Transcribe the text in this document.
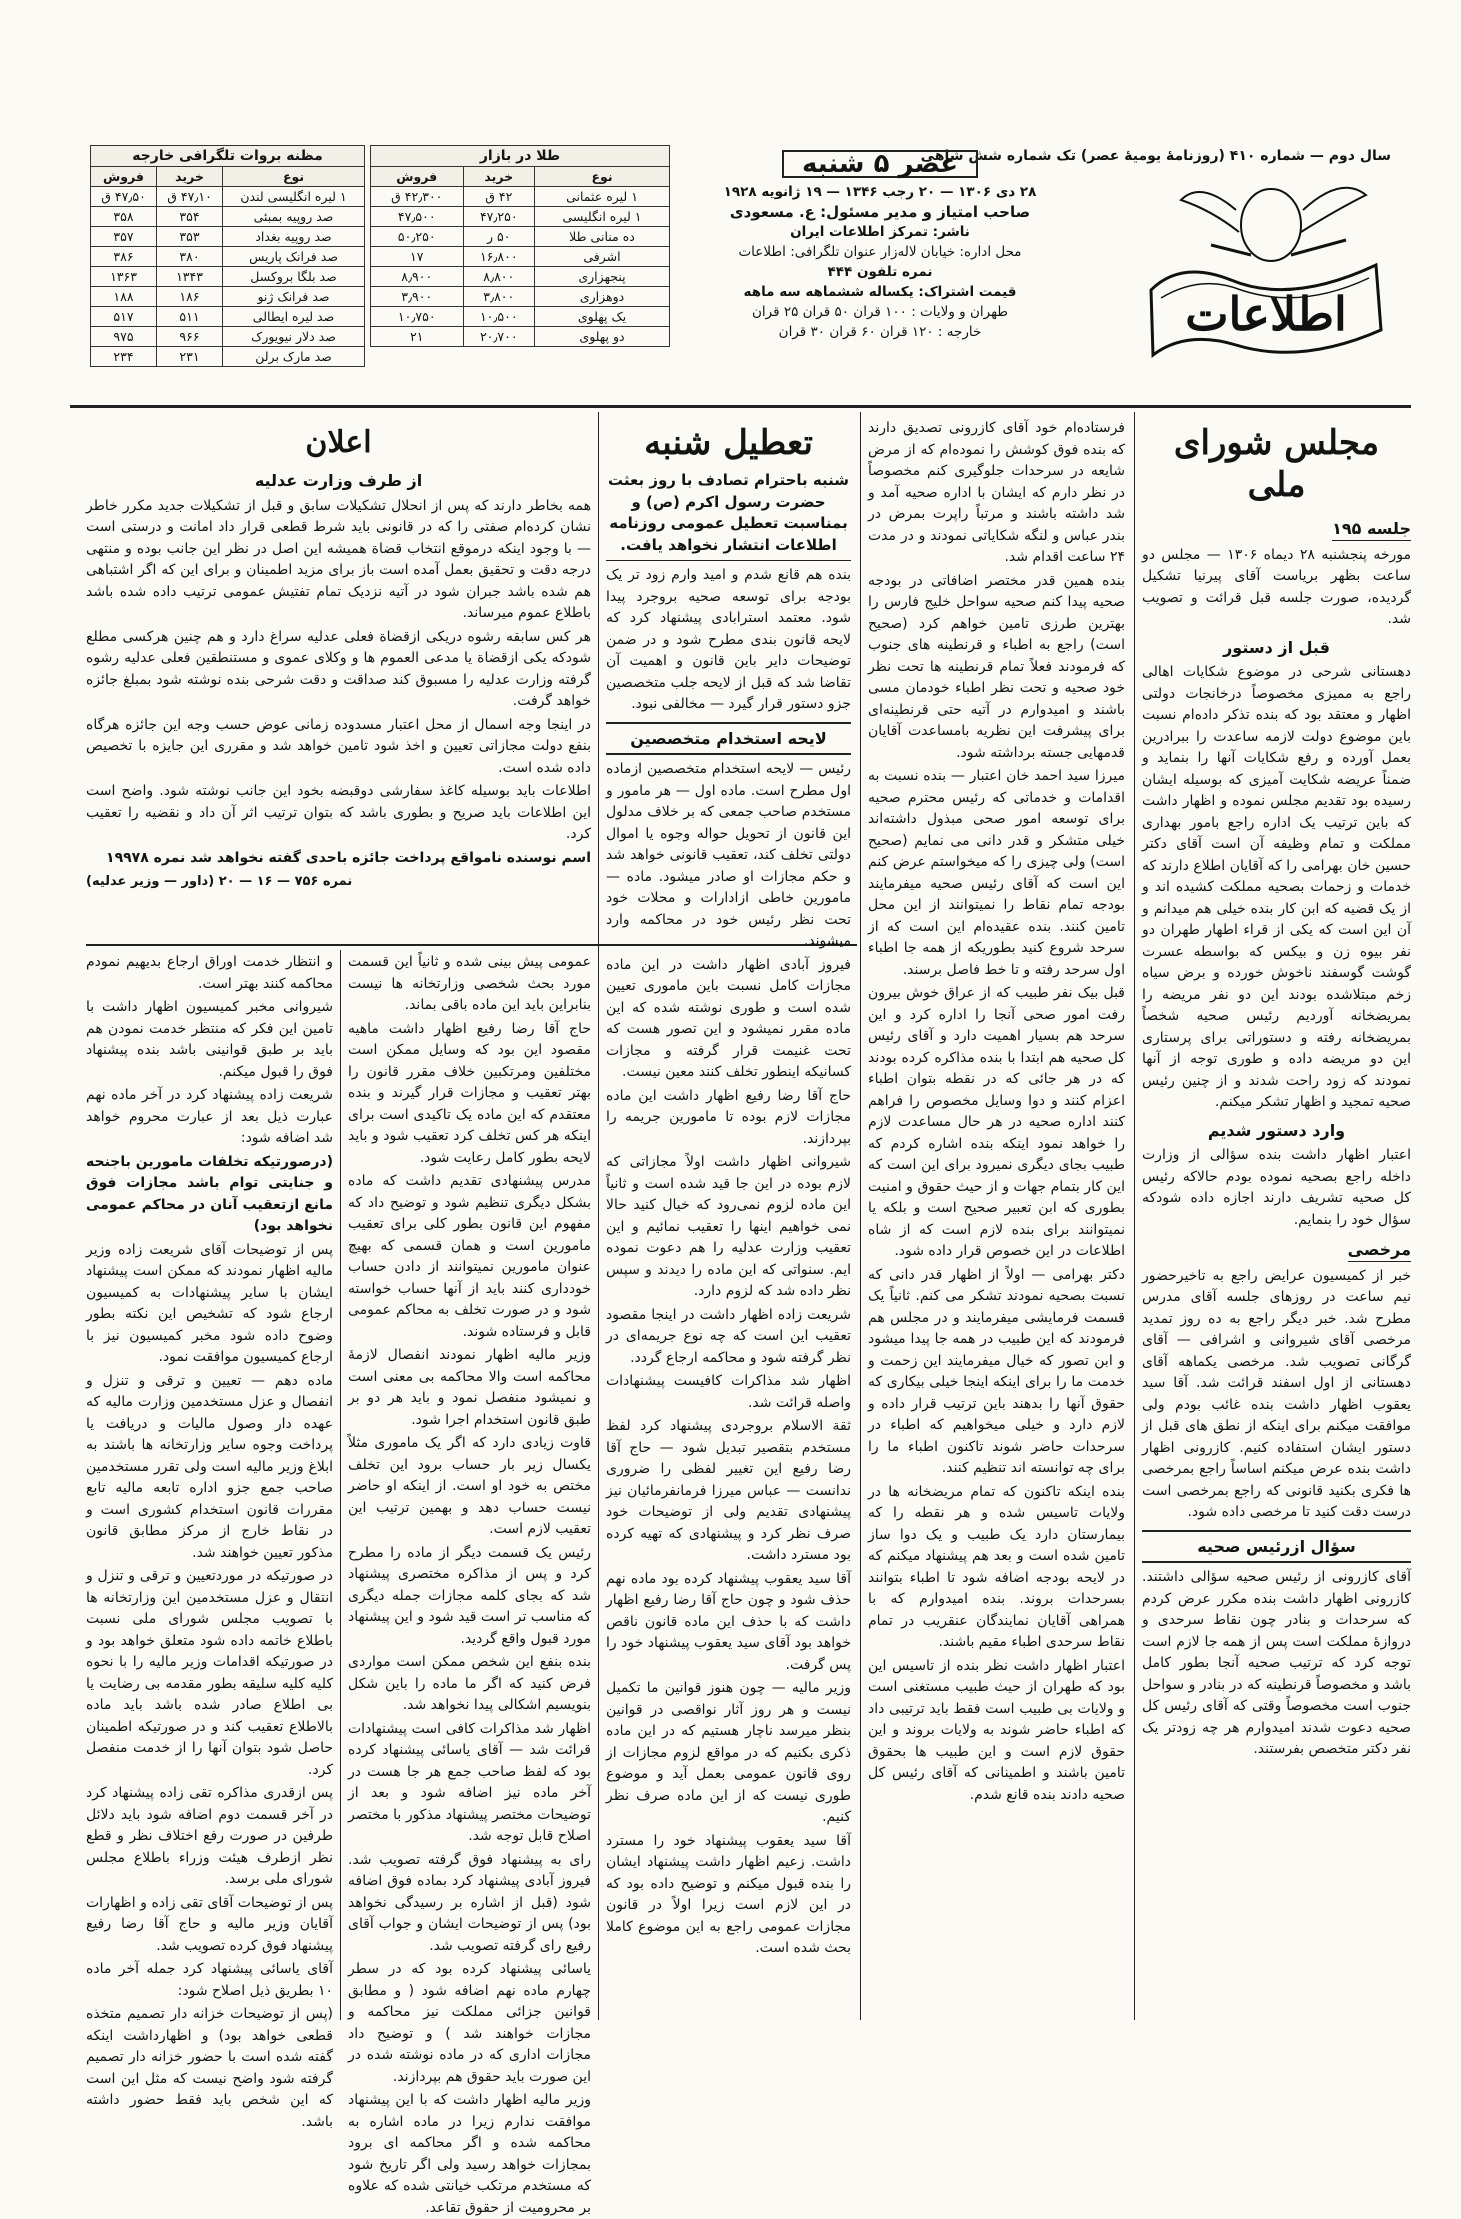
سال دوم — شماره ۴۱۰ (روزنامهٔ یومیهٔ عصر) تک شماره شش شاهی
اطلاعات
عصر ۵ شنبه
۲۸ دی ۱۳۰۶ — ۲۰ رجب ۱۳۴۶ — ۱۹ ژانویه ۱۹۲۸
صاحب امتیاز و مدیر مسئول: ع. مسعودی
ناشر: تمرکز اطلاعات ایران
محل اداره: خیابان لاله‌زار عنوان تلگرافی: اطلاعات
نمره تلفون ۴۴۴
قیمت اشتراک: یکساله ششماهه سه ماهه
طهران و ولایات : ۱۰۰ قران ۵۰ قران ۲۵ قران
خارجه : ۱۲۰ قران ۶۰ قران ۳۰ قران
طلا در بازار
نوع	خرید	فروش
۱ لیره عثمانی	۴۲ ق	۴۲٫۳۰۰ ق
۱ لیره انگلیسی	۴۷٫۲۵۰	۴۷٫۵۰۰
ده منانی طلا	۵۰ ر	۵۰٫۲۵۰
اشرفی	۱۶٫۸۰۰	۱۷
پنجهزاری	۸٫۸۰۰	۸٫۹۰۰
دوهزاری	۳٫۸۰۰	۳٫۹۰۰
یک پهلوی	۱۰٫۵۰۰	۱۰٫۷۵۰
دو پهلوی	۲۰٫۷۰۰	۲۱
مظنه بروات تلگرافی خارجه
نوع	خرید	فروش
۱ لیره انگلیسی لندن	۴۷٫۱۰ ق	۴۷٫۵۰ ق
صد روپیه بمبئی	۳۵۴	۳۵۸
صد روپیه بغداد	۳۵۳	۳۵۷
صد فرانک پاریس	۳۸۰	۳۸۶
صد بلگا بروکسل	۱۳۴۳	۱۳۶۳
صد فرانک ژنو	۱۸۶	۱۸۸
صد لیره ایطالی	۵۱۱	۵۱۷
صد دلار نیویورک	۹۶۶	۹۷۵
صد مارک برلن	۲۳۱	۲۳۴
مجلس شورای ملی
جلسه ۱۹۵

مورخه پنجشنبه ۲۸ دیماه ۱۳۰۶ — مجلس دو ساعت بظهر بریاست آقای پیرنیا تشکیل گردیده، صورت جلسه قبل قرائت و تصویب شد.

قبل از دستور

دهستانی شرحی در موضوع شکایات اهالی راجع به ممیزی مخصوصاً درخانجات دولتی اظهار و معتقد بود که بنده تذکر داده‌ام نسبت باین موضوع دولت لازمه ساعدت را ببرادرین بعمل آورده و رفع شکایات آنها را بنماید و ضمناً عریضه شکایت آمیزی که بوسیله ایشان رسیده بود تقدیم مجلس نموده و اظهار داشت که باین ترتیب یک اداره راجع بامور بهداری مملکت و تمام وظیفه آن است آقای دکتر حسین خان بهرامی را که آقایان اطلاع دارند که خدمات و زحمات بصحیه مملکت کشیده اند و از یک قضیه که ابن کار بنده خیلی هم میدانم و آن این است که یکی از قراء اطهار طهران دو نفر بیوه زن و بیکس که بواسطه عسرت گوشت گوسفند ناخوش خورده و برض سیاه زخم مبتلاشده بودند این دو نفر مریضه را بمریضخانه آوردیم رئیس صحیه شخصاً بمریضخانه رفته و دستوراتی برای پرستاری این دو مریضه داده و طوری توجه از آنها نمودند که زود راحت شدند و از چنین رئیس صحیه تمجید و اظهار تشکر میکنم.

وارد دستور شدیم

اعتبار اظهار داشت بنده سؤالی از وزارت داخله راجع بصحیه نموده بودم حالاکه رئیس کل صحیه تشریف دارند اجازه داده شودکه سؤال خود را بنمایم.

مرخصی

خبر از کمیسیون عرایض راجع به تاخیرحضور نیم ساعت در روزهای جلسه آقای مدرس مطرح شد. خبر دیگر راجع به ده روز تمدید مرخصی آقای شیروانی و اشرافی — آقای گرگانی تصویب شد. مرخصی یکماهه آقای دهستانی از اول اسفند قرائت شد. آقا سید یعقوب اظهار داشت بنده غائب بودم ولی موافقت میکنم برای اینکه از نطق های قبل از دستور ایشان استفاده کنیم. کازرونی اظهار داشت بنده عرض میکنم اساساً راجع بمرخصی ها فکری بکنید قانونی که راجع بمرخصی است درست دقت کنید تا مرخصی داده شود.

سؤال ازرئیس صحیه

آقای کازرونی از رئیس صحیه سؤالی داشتند. کازرونی اظهار داشت بنده مکرر عرض کردم که سرحدات و بنادر چون نقاط سرحدی و دروازهٔ مملکت است پس از همه جا لازم است توجه کرد که ترتیب صحیه آنجا بطور کامل باشد و مخصوصاً قرنطینه که در بنادر و سواحل جنوب است مخصوصاً وقتی که آقای رئیس کل صحیه دعوت شدند امیدوارم هر چه زودتر یک نفر دکتر متخصص بفرستند.

فرستاده‌ام خود آقای کازرونی تصدیق دارند که بنده فوق کوشش را نموده‌ام که از مرض شایعه در سرحدات جلوگیری کنم مخصوصاً در نظر دارم که ایشان با اداره صحیه آمد و شد داشته باشند و مرتباً راپرت بمرض در بندر عباس و لنگه شکایاتی نمودند و در مدت ۲۴ ساعت اقدام شد.

بنده همین قدر مختصر اضافاتی در بودجه صحیه پیدا کنم صحیه سواحل خلیج فارس را بهترین طرزی تامین خواهم کرد (صحیح است) راجع به اطباء و قرنطینه های جنوب که فرمودند فعلاً تمام قرنطینه ها تحت نظر خود صحیه و تحت نظر اطباء خودمان مسی باشند و امیدوارم در آتیه حتی قرنطینه‌ای برای پیشرفت این نظریه بامساعدت آقایان قدمهایی جسته برداشته شود.

میرزا سید احمد خان اعتبار — بنده نسبت به اقدامات و خدماتی که رئیس محترم صحیه برای توسعه امور صحی مبذول داشته‌اند خیلی متشکر و قدر دانی می نمایم (صحیح است) ولی چیزی را که میخواستم عرض کنم این است که آقای رئیس صحیه میفرمایند بودجه تمام نقاط را نمیتوانند از این محل تامین کنند. بنده عقیده‌ام این است که از سرحد شروع کنید بطوریکه از همه جا اطباء اول سرحد رفته و تا خط فاصل برسند.

قبل بیک نفر طبیب که از عراق خوش بیرون رفت امور صحی آنجا را اداره کرد و این سرحد هم بسیار اهمیت دارد و آقای رئیس کل صحیه هم ابتدا با بنده مذاکره کرده بودند که در هر جائی که در نقطه بتوان اطباء اعزام کنند و دوا وسایل مخصوص را فراهم کنند اداره صحیه در هر حال مساعدت لازم را خواهد نمود اینکه بنده اشاره کردم که طبیب بجای دیگری نمیرود برای این است که این کار بتمام جهات و از حیث حقوق و امنیت بطوری که ابن تعبیر صحیح است و بلکه یا نمیتوانند برای بنده لازم است که از شاه اطلاعات در این خصوص قرار داده شود.

دکتر بهرامی — اولاً از اظهار قدر دانی که نسبت بصحیه نمودند تشکر می کنم. ثانیاً یک قسمت فرمایشی میفرمایند و در مجلس هم فرمودند که این طبیب در همه جا پیدا میشود و ابن تصور که خیال میفرمایند این زحمت و خدمت ما را برای اینکه اینجا خیلی بیکاری که حقوق آنها را بدهند باین ترتیب قرار داده و لازم دارد و خیلی میخواهیم که اطباء در سرحدات حاضر شوند تاکنون اطباء ما را برای چه توانسته اند تنظیم کنند.

بنده اینکه تاکنون که تمام مریضخانه ها در ولایات تاسیس شده و هر نقطه را که بیمارستان دارد یک طبیب و یک دوا ساز تامین شده است و بعد هم پیشنهاد میکنم که در لایحه بودجه اضافه شود تا اطباء بتوانند بسرحدات بروند. بنده امیدوارم که با همراهی آقایان نمایندگان عنقریب در تمام نقاط سرحدی اطباء مقیم باشند.

اعتبار اظهار داشت نظر بنده از تاسیس این بود که طهران از حیث طبیب مستغنی است و ولایات بی طبیب است فقط باید ترتیبی داد که اطباء حاضر شوند به ولایات بروند و این حقوق لازم است و این طبیب ها بحقوق تامین باشند و اطمینانی که آقای رئیس کل صحیه دادند بنده قانع شدم.

تعطیل شنبه

شنبه باحترام تصادف با روز بعثت حضرت رسول اکرم (ص) و بمناسبت تعطیل عمومی روزنامه اطلاعات انتشار نخواهد یافت.

بنده هم قانع شدم و امید وارم زود تر یک بودجه برای توسعه صحیه بروجرد پیدا شود. معتمد استرابادی پیشنهاد کرد که لایحه قانون بندی مطرح شود و در ضمن توضیحات دایر باین قانون و اهمیت آن تقاضا شد که قبل از لایحه جلب متخصصین جزو دستور قرار گیرد — مخالفی نبود.

لایحه استخدام متخصصین

رئیس — لایحه استخدام متخصصین ازماده اول مطرح است. ماده اول — هر مامور و مستخدم صاحب جمعی که بر خلاف مدلول این قانون از تحویل حواله وجوه یا اموال دولتی تخلف کند، تعقیب قانونی خواهد شد و حکم مجازات او صادر میشود. ماده — مامورین خاطی ازادارات و محلات خود تحت نظر رئیس خود در محاکمه وارد میشوند.

فیروز آبادی اظهار داشت در این ماده مجازات کامل نسبت باین ماموری تعیین شده است و طوری نوشته شده که این ماده مقرر نمیشود و این تصور هست که تحت غنیمت قرار گرفته و مجازات کسانیکه اینطور تخلف کنند معین نیست.

حاج آقا رضا رفیع اظهار داشت این ماده مجازات لازم بوده تا مامورین جریمه را بپردازند.

شیروانی اظهار داشت اولاً مجازاتی که لازم بوده در این جا قید شده است و ثانیاً این ماده لزوم نمی‌رود که خیال کنید حالا نمی خواهیم اینها را تعقیب نمائیم و این تعقیب وزارت عدلیه را هم دعوت نموده ایم. سنواتی که این ماده را دیدند و سپس نظر داده شد که لزوم دارد.

شریعت زاده اظهار داشت در اینجا مقصود تعقیب این است که چه نوع جریمه‌ای در نظر گرفته شود و محاکمه ارجاع گردد.

اظهار شد مذاکرات کافیست پیشنهادات واصله قرائت شد.

ثقة الاسلام بروجردی پیشنهاد کرد لفظ مستخدم بتقصیر تبدیل شود — حاج آقا رضا رفیع این تغییر لفظی را ضروری ندانست — عباس میرزا فرمانفرمائیان نیز پیشنهادی تقدیم ولی از توضیحات خود صرف نظر کرد و پیشنهادی که تهیه کرده بود مسترد داشت.

آقا سید یعقوب پیشنهاد کرده بود ماده نهم حذف شود و چون حاج آقا رضا رفیع اظهار داشت که با حذف این ماده قانون ناقص خواهد بود آقای سید یعقوب پیشنهاد خود را پس گرفت.

وزیر مالیه — چون هنوز قوانین ما تکمیل نیست و هر روز آثار نواقصی در قوانین بنظر میرسد ناچار هستیم که در این ماده ذکری بکنیم که در مواقع لزوم مجازات از روی قانون عمومی بعمل آید و موضوع طوری نیست که از این ماده صرف نظر کنیم.

آقا سید یعقوب پیشنهاد خود را مسترد داشت. زعیم اظهار داشت پیشنهاد ایشان را بنده قبول میکنم و توضیح داده بود که در این لازم است زیرا اولاً در قانون مجازات عمومی راجع به این موضوع کاملا بحث شده است.

اعلان
از طرف وزارت عدلیه

همه بخاطر دارند که پس از انحلال تشکیلات سابق و قبل از تشکیلات جدید مکرر خاطر نشان کرده‌ام صفتی را که در قانونی باید شرط قطعی قرار داد امانت و درستی است — با وجود اینکه درموقع انتخاب قضاة همیشه این اصل در نظر این جانب بوده و منتهی درجه دقت و تحقیق بعمل آمده است باز برای مزید اطمینان و برای این که اگر اشتباهی هم شده باشد جبران شود در آتیه نزدیک تمام تفتیش عمومی ترتیب داده شده باشد باطلاع عموم میرساند.

هر کس سابقه رشوه دریکی ازقضاة فعلی عدلیه سراغ دارد و هم چنین هرکسی مطلع شودکه یکی ازقضاة یا مدعی العموم ها و وکلای عموی و مستنطقین فعلی عدلیه رشوه گرفته وزارت عدلیه را مسبوق کند صداقت و دقت شرحی بنده نوشته شود بمبلغ جائزه خواهد گرفت.

در اینجا وجه اسمال از محل اعتبار مسدوده زمانی عوض حسب وجه این جائزه هرگاه بنفع دولت مجازاتی تعیین و اخذ شود تامین خواهد شد و مقرری این جایزه با تخصیص داده شده است.

اطلاعات باید بوسیله کاغذ سفارشی دوقبضه بخود این جانب نوشته شود. واضح است این اطلاعات باید صریح و بطوری باشد که بتوان ترتیب اثر آن داد و نقضیه را تعقیب کرد.

اسم نوسنده نامواقع پرداخت جائزه باحدی گفته نخواهد شد نمره ۱۹۹۷۸

نمره ۷۵۶ — ۱۶ — ۲۰ (داور — وزیر عدلیه)

عمومی پیش بینی شده و ثانیاً این قسمت مورد بحث شخصی وزارتخانه ها نیست بنابراین باید این ماده باقی بماند.

حاج آقا رضا رفیع اظهار داشت ماهیه مقصود این بود که وسایل ممکن است مختلفین ومرتکبین خلاف مقرر قانون را بهتر تعقیب و مجازات قرار گیرند و بنده معتقدم که این ماده یک تاکیدی است برای اینکه هر کس تخلف کرد تعقیب شود و باید لایحه بطور کامل رعایت شود.

مدرس پیشنهادی تقدیم داشت که ماده بشکل دیگری تنظیم شود و توضیح داد که مفهوم این قانون بطور کلی برای تعقیب مامورین است و همان قسمی که بهیچ عنوان مامورین نمیتوانند از دادن حساب خودداری کنند باید از آنها حساب خواسته شود و در صورت تخلف به محاکم عمومی قابل و فرستاده شوند.

وزیر مالیه اظهار نمودند انفصال لازمهٔ محاکمه است والا محاکمه بی معنی است و نمیشود منفصل نمود و باید هر دو بر طبق قانون استخدام اجرا شود.

قاوت زیادی دارد که اگر یک ماموری مثلاً یکسال زیر بار حساب برود این تخلف مختص به خود او است. از اینکه او حاضر نیست حساب دهد و بهمین ترتیب این تعقیب لازم است.

رئیس یک قسمت دیگر از ماده را مطرح کرد و پس از مذاکره مختصری پیشنهاد شد که بجای کلمه مجازات جمله دیگری که مناسب تر است قید شود و این پیشنهاد مورد قبول واقع گردید.

بنده بنفع این شخص ممکن است مواردی فرض کنید که اگر ما ماده را باین شکل بنویسیم اشکالی پیدا نخواهد شد.

اظهار شد مذاکرات کافی است پیشنهادات قرائت شد — آقای یاسائی پیشنهاد کرده بود که لفظ صاحب جمع هر جا هست در آخر ماده نیز اضافه شود و بعد از توضیحات مختصر پیشنهاد مذکور با مختصر اصلاح قابل توجه شد.

رای به پیشنهاد فوق گرفته تصویب شد. فیروز آبادی پیشنهاد کرد بماده فوق اضافه شود (قبل از اشاره بر رسیدگی نخواهد بود) پس از توضیحات ایشان و جواب آقای رفیع رای گرفته تصویب شد.

یاسائی پیشنهاد کرده بود که در سطر چهارم ماده نهم اضافه شود ( و مطابق قوانین جزائی مملکت نیز محاکمه و مجازات خواهند شد ) و توضیح داد مجازات اداری که در ماده نوشته شده در این صورت باید حقوق هم بپردازند.

وزیر مالیه اظهار داشت که با این پیشنهاد موافقت ندارم زیرا در ماده اشاره به محاکمه شده و اگر محاکمه ای برود بمجازات خواهد رسید ولی اگر تاریخ شود که مستخدم مرتکب خیانتی شده که علاوه بر محرومیت از حقوق تقاعد.

و انتظار خدمت اوراق ارجاع بدیهیم نمودم محاکمه کنند بهتر است.

شیروانی مخبر کمیسیون اظهار داشت با تامین این فکر که منتظر خدمت نمودن هم باید بر طبق قوانینی باشد بنده پیشنهاد فوق را قبول میکنم.

شریعت زاده پیشنهاد کرد در آخر ماده نهم عبارت ذیل بعد از عبارت محروم خواهد شد اضافه شود:

(درصورتیکه تخلفات مامورین باجنحه و جنایتی توام باشد مجازات فوق مانع ازتعقیب آنان در محاکم عمومی نخواهد بود)

پس از توضیحات آقای شریعت زاده وزیر مالیه اظهار نمودند که ممکن است پیشنهاد ایشان با سایر پیشنهادات به کمیسیون ارجاع شود که تشخیص این نکته بطور وضوح داده شود مخبر کمیسیون نیز با ارجاع کمیسیون موافقت نمود.

ماده دهم — تعیین و ترقی و تنزل و انفصال و عزل مستخدمین وزارت مالیه که عهده دار وصول مالیات و دریافت یا پرداخت وجوه سایر وزارتخانه ها باشند به ابلاغ وزیر مالیه است ولی تقرر مستخدمین صاحب جمع جزو اداره تابعه مالیه تابع مقررات قانون استخدام کشوری است و در نقاط خارج از مرکز مطابق قانون مذکور تعیین خواهند شد.

در صورتیکه در موردتعیین و ترقی و تنزل و انتقال و عزل مستخدمین این وزارتخانه ها با تصویب مجلس شورای ملی نسبت باطلاع خاتمه داده شود متعلق خواهد بود و در صورتیکه اقدامات وزیر مالیه را با نحوه کلیه کلیه سلیقه بطور مقدمه بی رضایت یا بی اطلاع صادر شده باشد باید ماده بالاطلاع تعقیب کند و در صورتیکه اطمینان حاصل شود بتوان آنها را از خدمت منفصل کرد.

پس ازقدری مذاکره تقی زاده پیشنهاد کرد در آخر قسمت دوم اضافه شود باید دلائل طرفین در صورت رفع اختلاف نظر و قطع نظر ازطرف هیئت وزراء باطلاع مجلس شورای ملی برسد.

پس از توضیحات آقای تقی زاده و اظهارات آقایان وزیر مالیه و حاج آقا رضا رفیع پیشنهاد فوق کرده تصویب شد.

آقای یاسائی پیشنهاد کرد جمله آخر ماده ۱۰ بطریق ذیل اصلاح شود:

(پس از توضیحات خزانه دار تصمیم متخذه قطعی خواهد بود) و اظهارداشت اینکه گفته شده است با حضور خزانه دار تصمیم گرفته شود واضح نیست که مثل این است که این شخص باید فقط حضور داشته باشد.
